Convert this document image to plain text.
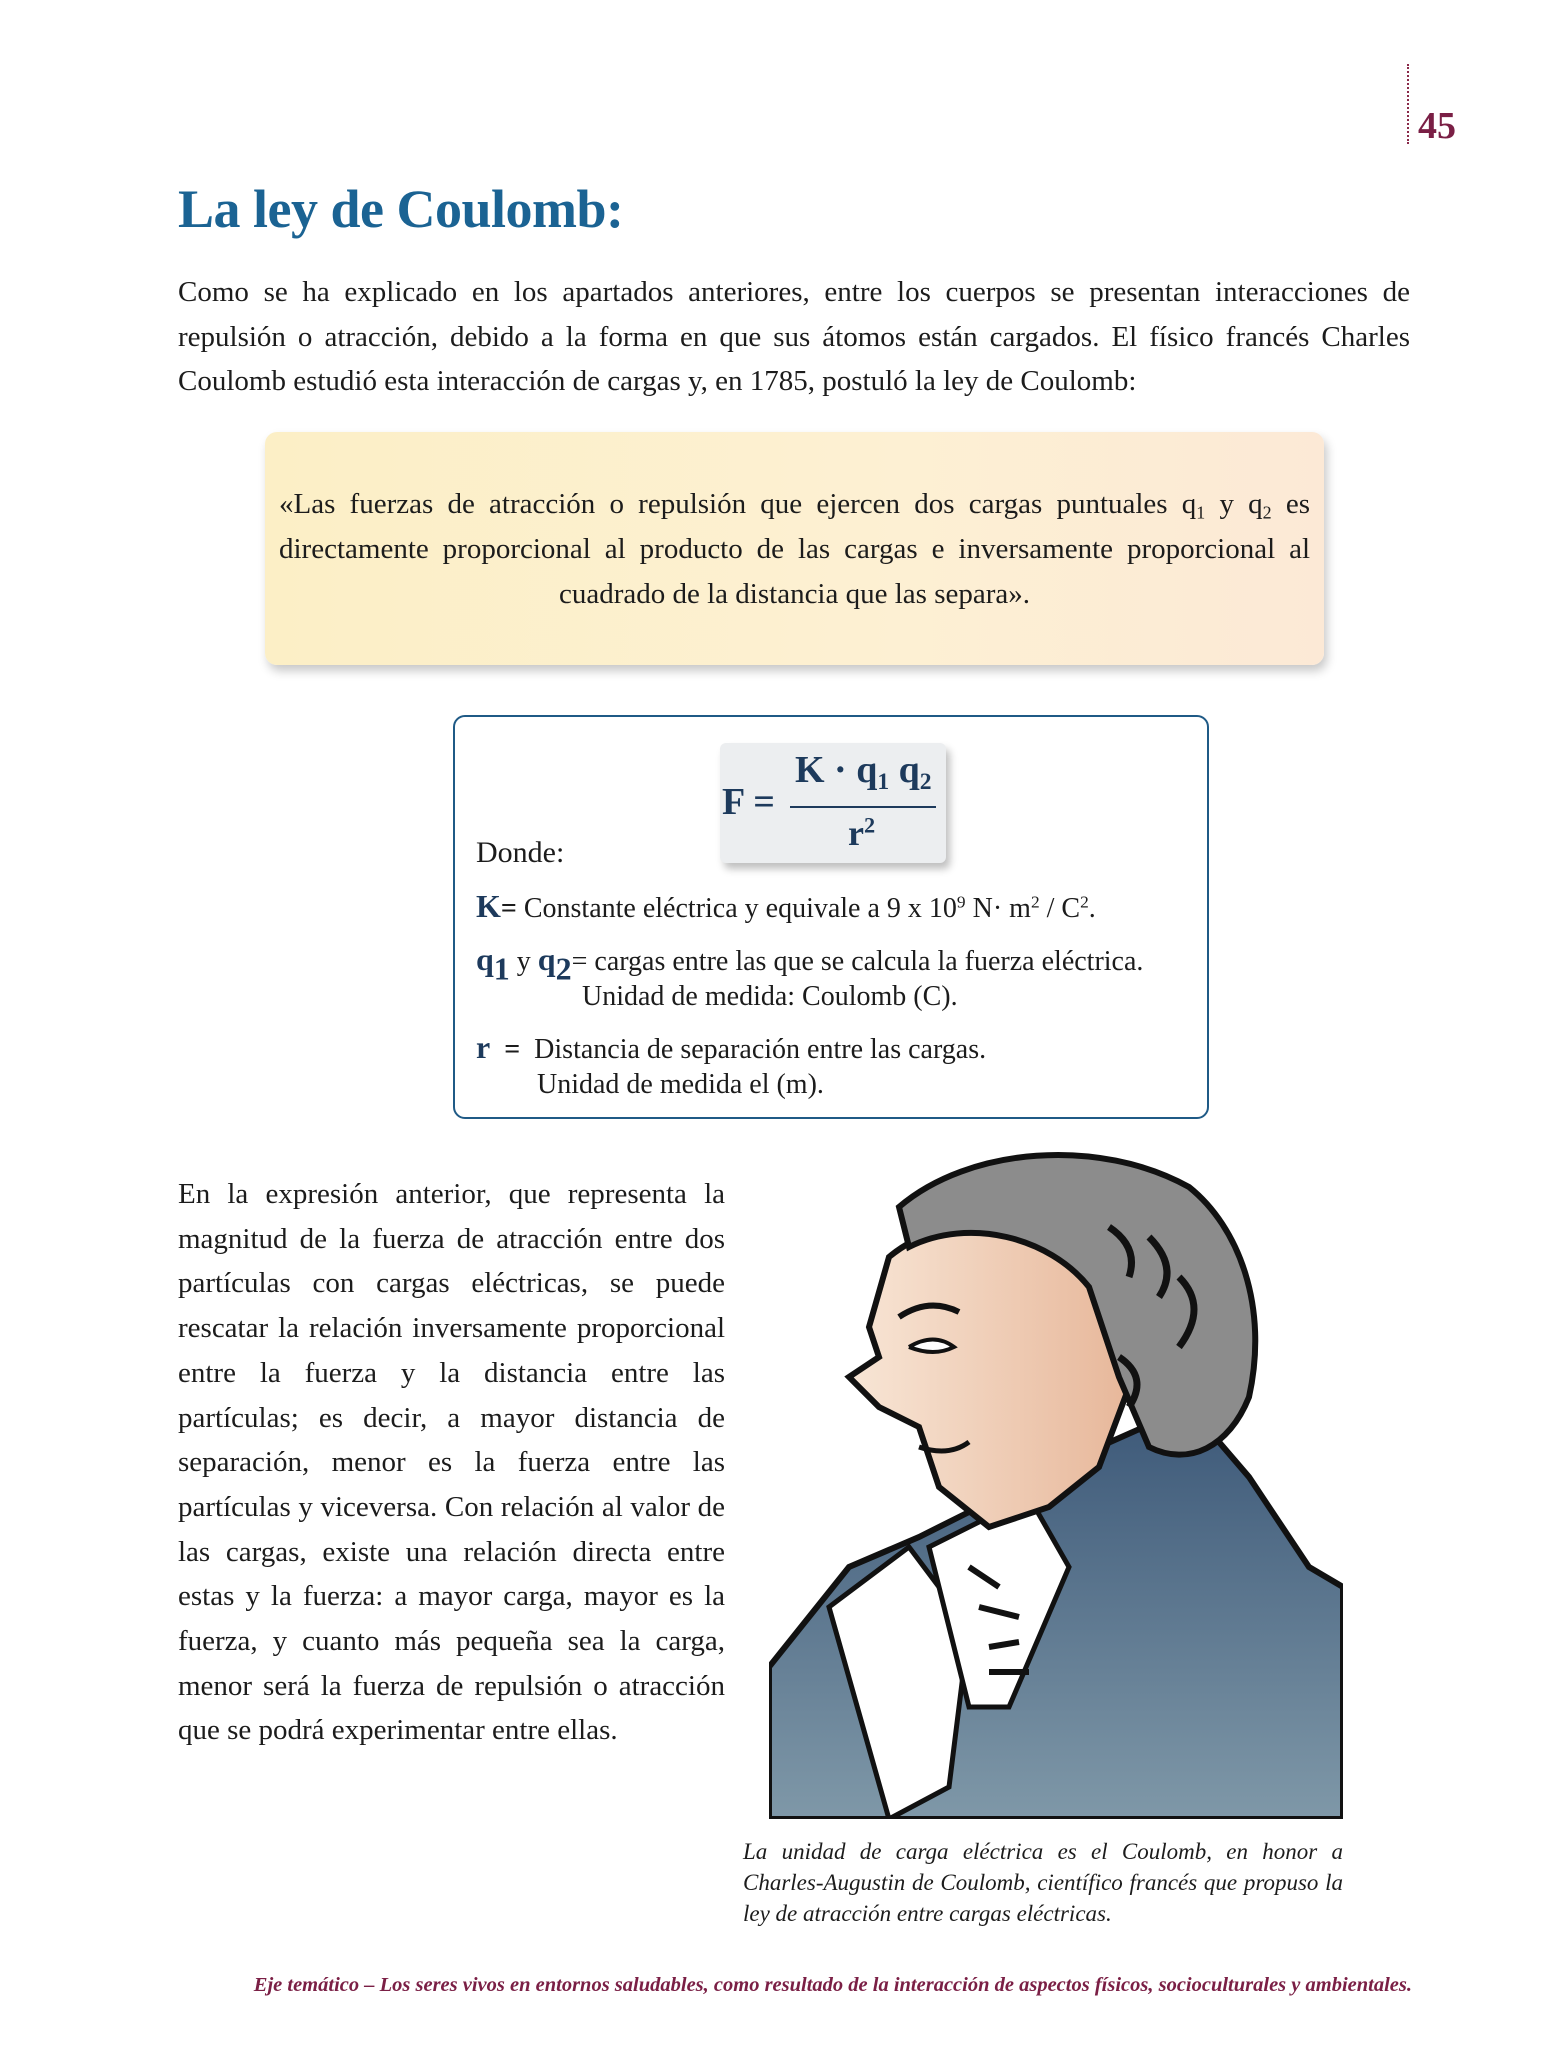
45
La ley de Coulomb:

Como se ha explicado en los apartados anteriores, entre los cuerpos se presentan interacciones de repulsión o atracción, debido a la forma en que sus átomos están cargados. El físico francés Charles Coulomb estudió esta interacción de cargas y, en 1785, postuló la ley de Coulomb:

«Las fuerzas de atracción o repulsión que ejercen dos cargas puntuales $q_1$ y $q_2$ es directamente proporcional al producto de las cargas e inversamente proporcional al cuadrado de la distancia que las separa».
F =
$K \cdot q_1$ $q_2$
$r^2$
Donde:
K= Constante eléctrica y equivale a 9 x $10^9$ $N\cdot m^2 / C^2$.
$q_1$ y $q_2=$ cargas entre las que se calcula la fuerza eléctrica.
Unidad de medida: Coulomb (C).
r  =  Distancia de separación entre las cargas.
Unidad de medida el (m).

En la expresión anterior, que representa la magnitud de la fuerza de atracción entre dos partículas con cargas eléctricas, se puede rescatar la relación inversamente proporcional entre la fuerza y la distancia entre las partículas; es decir, a mayor distancia de separación, menor es la fuerza entre las partículas y viceversa. Con relación al valor de las cargas, existe una relación directa entre estas y la fuerza: a mayor carga, mayor es la fuerza, y cuanto más pequeña sea la carga, menor será la fuerza de repulsión o atracción que se podrá experimentar entre ellas.

La unidad de carga eléctrica es el Coulomb, en honor a Charles-Augustin de Coulomb, científico francés que propuso la ley de atracción entre cargas eléctricas.

Eje temático – Los seres vivos en entornos saludables, como resultado de la interacción de aspectos físicos, socioculturales y ambientales.
